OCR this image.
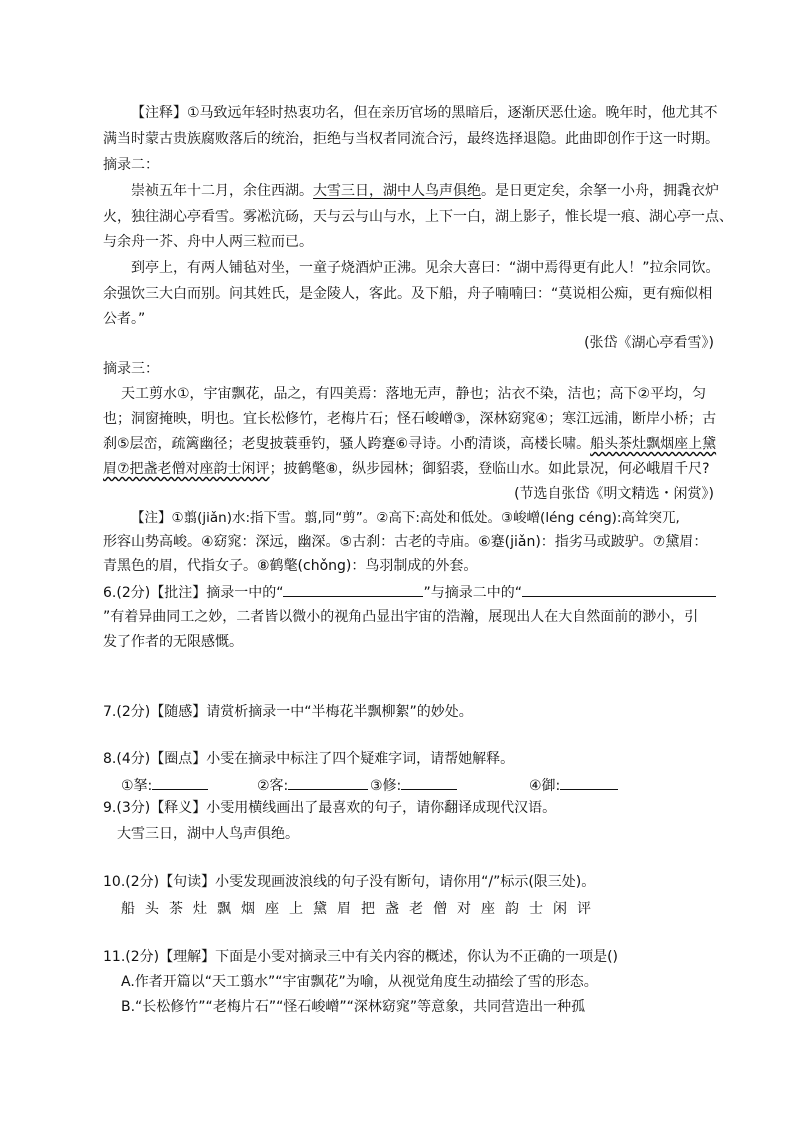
【注释】①马致远年轻时热衷功名，但在亲历官场的黑暗后，逐渐厌恶仕途。晚年时，他尤其不
满当时蒙古贵族腐败落后的统治，拒绝与当权者同流合污，最终选择退隐。此曲即创作于这一时期。
摘录二：
崇祯五年十二月，余住西湖。大雪三日，湖中人鸟声俱绝。是日更定矣，余拏一小舟，拥毳衣炉
火，独往湖心亭看雪。雾凇沆砀，天与云与山与水，上下一白，湖上影子，惟长堤一痕、湖心亭一点、
与余舟一芥、舟中人两三粒而已。
到亭上，有两人铺毡对坐，一童子烧酒炉正沸。见余大喜曰：“湖中焉得更有此人！”拉余同饮。
余强饮三大白而别。问其姓氏，是金陵人，客此。及下船，舟子喃喃曰：“莫说相公痴，更有痴似相
公者。”
(张岱《湖心亭看雪》)
摘录三：
天工剪水①，宇宙飘花，品之，有四美焉：落地无声，静也；沾衣不染，洁也；高下②平均，匀
也；洞窗掩映，明也。宜长松修竹，老梅片石；怪石峻嶒③，深林窈窕④；寒江远浦，断岸小桥；古
刹⑤层峦，疏篱幽径；老叟披蓑垂钓，骚人跨蹇⑥寻诗。小酌清谈，高楼长啸。船头茶灶飘烟座上黛
眉⑦把盏老僧对座韵士闲评；披鹤氅⑧，纵步园林；御貂裘，登临山水。如此景况，何必峨眉千尺?
(节选自张岱《明文精选・闲赏》)
【注】①翦(jiǎn)水:指下雪。翦,同“剪”。②高下:高处和低处。③峻嶒(léng céng):高耸突兀,
形容山势高峻。④窈窕：深远，幽深。⑤古刹：古老的寺庙。⑥蹇(jiǎn)：指劣马或跛驴。⑦黛眉：
青黑色的眉，代指女子。⑧鹤氅(chǒng)：鸟羽制成的外套。
6.(2分)【批注】摘录一中的“	”与摘录二中的“
”有着异曲同工之妙，二者皆以微小的视角凸显出宇宙的浩瀚，展现出人在大自然面前的渺小，引
发了作者的无限感慨。
7.(2分)【随感】请赏析摘录一中“半梅花半飘柳絮”的妙处。
8.(4分)【圈点】小雯在摘录中标注了四个疑难字词，请帮她解释。
①拏:	②客:	③修:	④御:
9.(3分)【释义】小雯用横线画出了最喜欢的句子，请你翻译成现代汉语。
大雪三日，湖中人鸟声俱绝。
10.(2分)【句读】小雯发现画波浪线的句子没有断句，请你用“/”标示(限三处)。
船头茶灶飘烟座上黛眉把盏老僧对座韵士闲评
11.(2分)【理解】下面是小雯对摘录三中有关内容的概述，你认为不正确的一项是()
A.作者开篇以“天工翦水”“宇宙飘花”为喻，从视觉角度生动描绘了雪的形态。
B.“长松修竹”“老梅片石”“怪石峻嶒”“深林窈窕”等意象，共同营造出一种孤
